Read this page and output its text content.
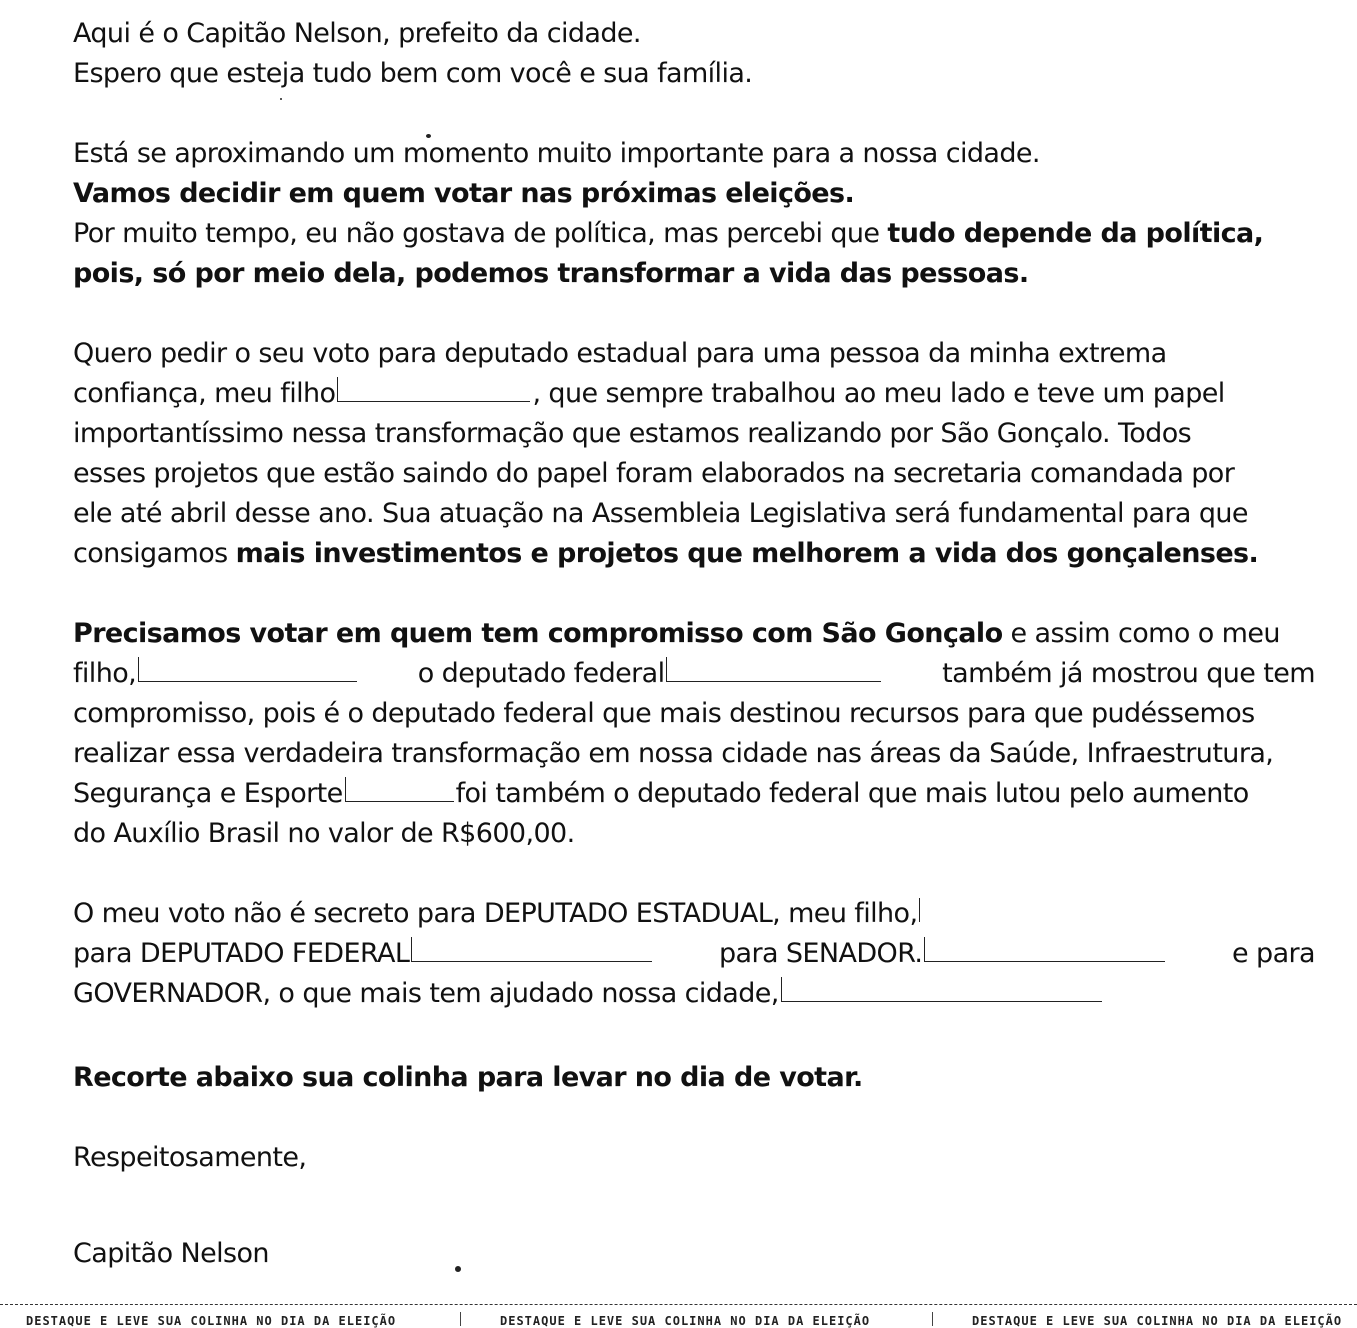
Aqui é o Capitão Nelson, prefeito da cidade.
Espero que esteja tudo bem com você e sua família.
Está se aproximando um momento muito importante para a nossa cidade.
Vamos decidir em quem votar nas próximas eleições.
Por muito tempo, eu não gostava de política, mas percebi que tudo depende da política,
pois, só por meio dela, podemos transformar a vida das pessoas.
Quero pedir o seu voto para deputado estadual para uma pessoa da minha extrema
confiança, meu filho	, que sempre trabalhou ao meu lado e teve um papel
importantíssimo nessa transformação que estamos realizando por São Gonçalo. Todos
esses projetos que estão saindo do papel foram elaborados na secretaria comandada por
ele até abril desse ano. Sua atuação na Assembleia Legislativa será fundamental para que
consigamos mais investimentos e projetos que melhorem a vida dos gonçalenses.
Precisamos votar em quem tem compromisso com São Gonçalo e assim como o meu
filho,	o deputado federal	também já mostrou que tem
compromisso, pois é o deputado federal que mais destinou recursos para que pudéssemos
realizar essa verdadeira transformação em nossa cidade nas áreas da Saúde, Infraestrutura,
Segurança e Esporte	foi também o deputado federal que mais lutou pelo aumento
do Auxílio Brasil no valor de R$600,00.
O meu voto não é secreto para DEPUTADO ESTADUAL, meu filho,
para DEPUTADO FEDERAL	para SENADOR.	e para
GOVERNADOR, o que mais tem ajudado nossa cidade,
Recorte abaixo sua colinha para levar no dia de votar.
Respeitosamente,
Capitão Nelson
DESTAQUE E LEVE SUA COLINHA NO DIA DA ELEIÇÃO	DESTAQUE E LEVE SUA COLINHA NO DIA DA ELEIÇÃO	DESTAQUE E LEVE SUA COLINHA NO DIA DA ELEIÇÃO
